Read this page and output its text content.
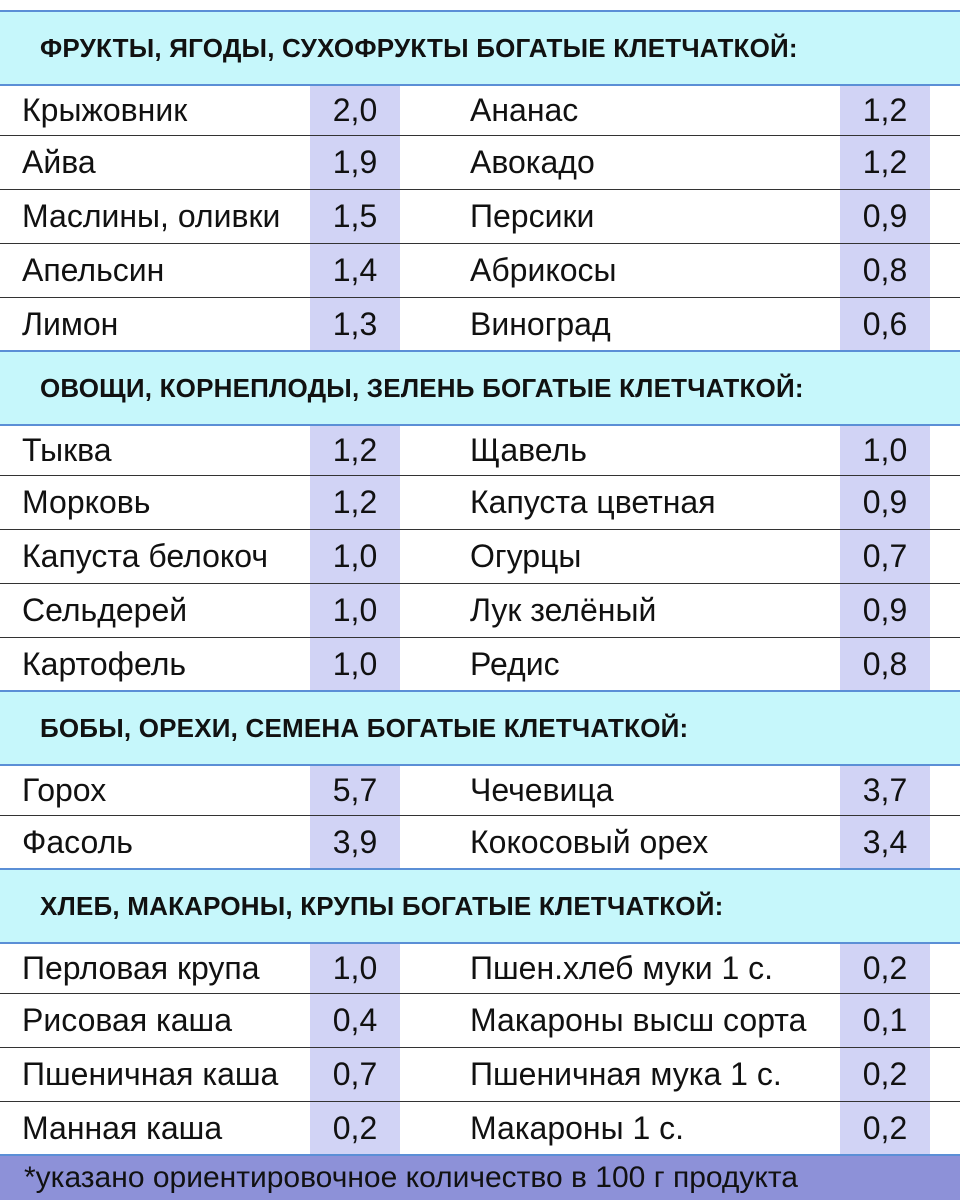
ФРУКТЫ, ЯГОДЫ, СУХОФРУКТЫ БОГАТЫЕ КЛЕТЧАТКОЙ:
Крыжовник	2,0	Ананас	1,2
Айва	1,9	Авокадо	1,2
Маслины, оливки	1,5	Персики	0,9
Апельсин	1,4	Абрикосы	0,8
Лимон	1,3	Виноград	0,6
ОВОЩИ, КОРНЕПЛОДЫ, ЗЕЛЕНЬ БОГАТЫЕ КЛЕТЧАТКОЙ:
Тыква	1,2	Щавель	1,0
Морковь	1,2	Капуста цветная	0,9
Капуста белокоч	1,0	Огурцы	0,7
Сельдерей	1,0	Лук зелёный	0,9
Картофель	1,0	Редис	0,8
БОБЫ, ОРЕХИ, СЕМЕНА БОГАТЫЕ КЛЕТЧАТКОЙ:
Горох	5,7	Чечевица	3,7
Фасоль	3,9	Кокосовый орех	3,4
ХЛЕБ, МАКАРОНЫ, КРУПЫ БОГАТЫЕ КЛЕТЧАТКОЙ:
Перловая крупа	1,0	Пшен.хлеб муки 1 с.	0,2
Рисовая каша	0,4	Макароны высш сорта	0,1
Пшеничная каша	0,7	Пшеничная мука 1 с.	0,2
Манная каша	0,2	Макароны 1 с.	0,2
*указано ориентировочное количество в 100 г продукта
